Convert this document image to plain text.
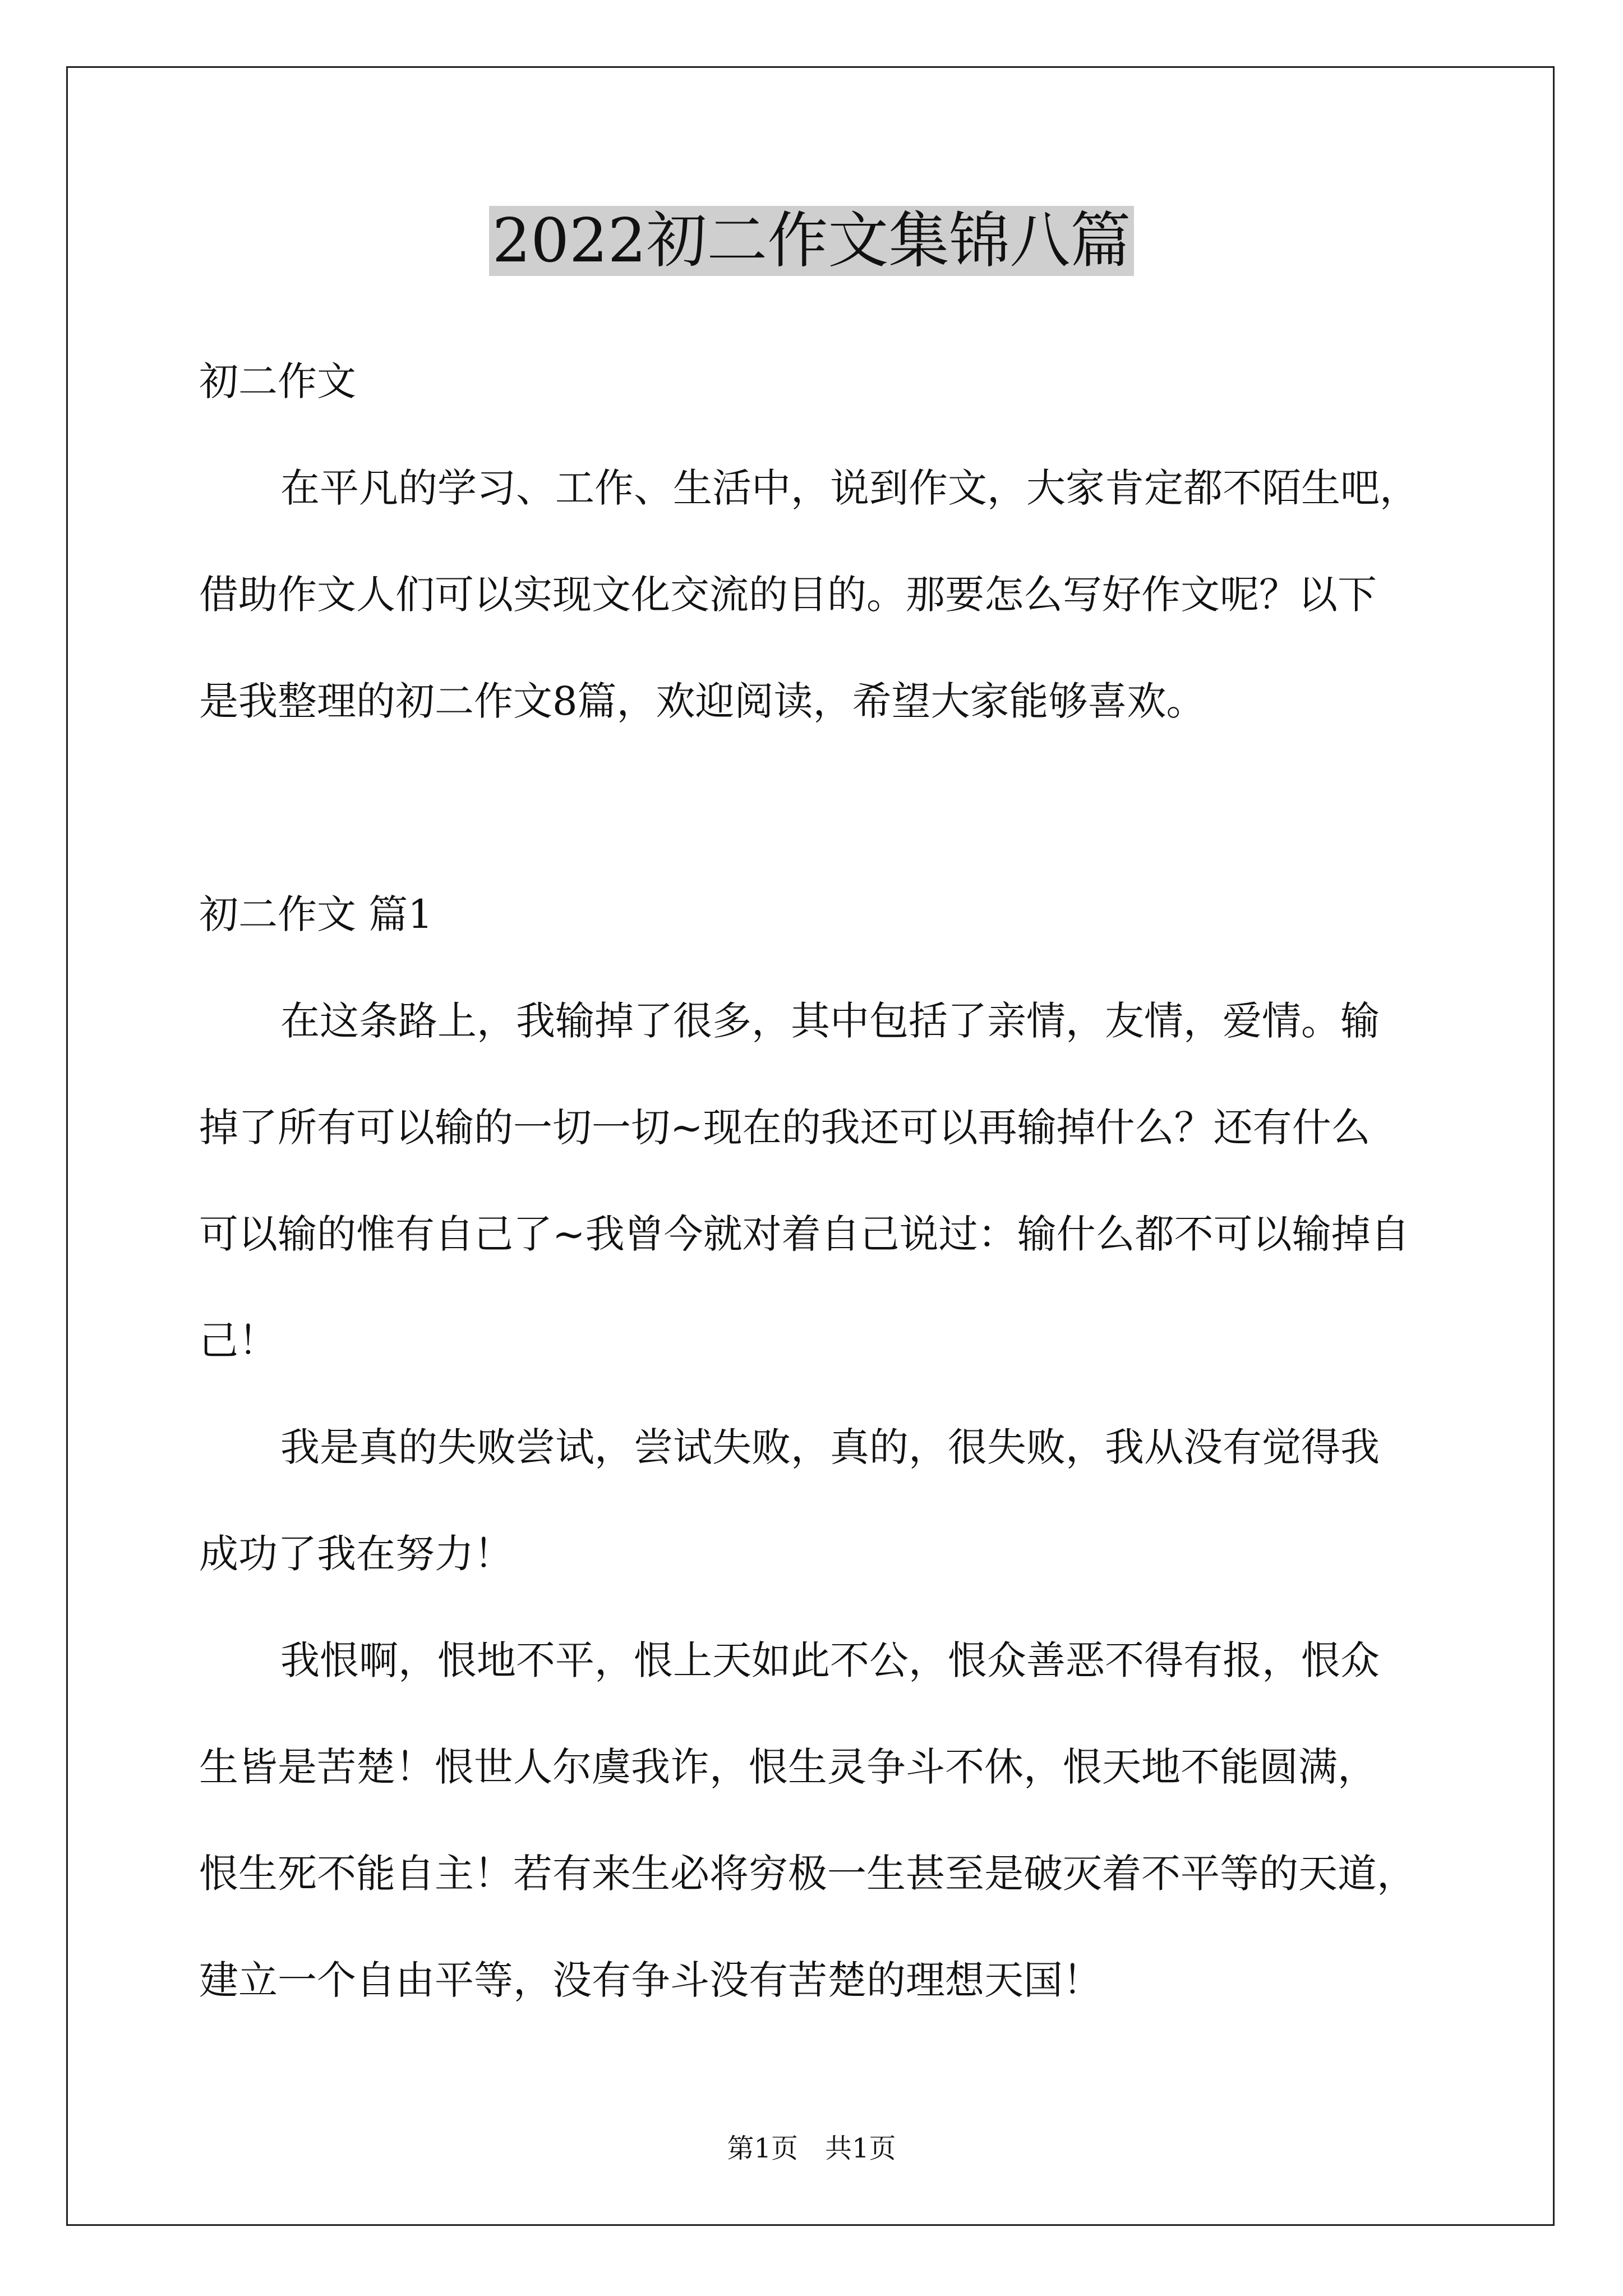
2022初二作文集锦八篇

初二作文

在平凡的学习、工作、生活中，说到作文，大家肯定都不陌生吧，

借助作文人们可以实现文化交流的目的。那要怎么写好作文呢？以下

是我整理的初二作文8篇，欢迎阅读，希望大家能够喜欢。

初二作文 篇1

在这条路上，我输掉了很多，其中包括了亲情，友情，爱情。输

掉了所有可以输的一切一切~现在的我还可以再输掉什么？还有什么

可以输的惟有自己了~我曾今就对着自己说过：输什么都不可以输掉自

己！

我是真的失败尝试，尝试失败，真的，很失败，我从没有觉得我

成功了我在努力！

我恨啊，恨地不平，恨上天如此不公，恨众善恶不得有报，恨众

生皆是苦楚！恨世人尔虞我诈，恨生灵争斗不休，恨天地不能圆满，

恨生死不能自主！若有来生必将穷极一生甚至是破灭着不平等的天道，

建立一个自由平等，没有争斗没有苦楚的理想天国！

第1页　共1页
